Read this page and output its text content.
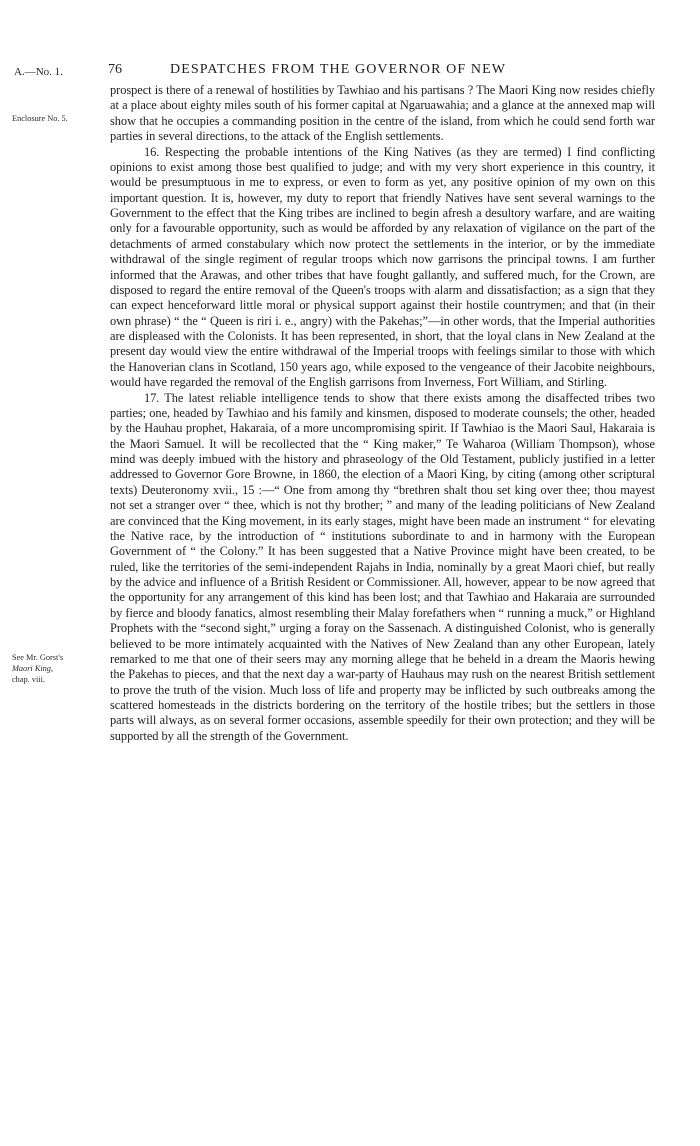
A.—No. 1.	76	DESPATCHES FROM THE GOVERNOR OF NEW
Enclosure No. 5.
See Mr. Gorst's
Maori King,
chap. viii.

prospect is there of a renewal of hostilities by Tawhiao and his partisans ? The Maori King now resides chiefly at a place about eighty miles south of his former capital at Ngaruawahia; and a glance at the annexed map will show that he occupies a commanding position in the centre of the island, from which he could send forth war parties in several directions, to the attack of the English settlements.

16. Respecting the probable intentions of the King Natives (as they are termed) I find conflicting opinions to exist among those best qualified to judge; and with my very short experience in this country, it would be presumptuous in me to express, or even to form as yet, any positive opinion of my own on this important question. It is, however, my duty to report that friendly Natives have sent several warnings to the Government to the effect that the King tribes are inclined to begin afresh a desultory warfare, and are waiting only for a favourable opportunity, such as would be afforded by any relaxation of vigilance on the part of the detachments of armed constabulary which now protect the settlements in the interior, or by the immediate withdrawal of the single regiment of regular troops which now garrisons the principal towns. I am further informed that the Arawas, and other tribes that have fought gallantly, and suffered much, for the Crown, are disposed to regard the entire removal of the Queen's troops with alarm and dissatisfaction; as a sign that they can expect henceforward little moral or physical support against their hostile countrymen; and that (in their own phrase) “ the “ Queen is riri i. e., angry) with the Pakehas;”—in other words, that the Imperial authorities are displeased with the Colonists. It has been represented, in short, that the loyal clans in New Zealand at the present day would view the entire withdrawal of the Imperial troops with feelings similar to those with which the Hanoverian clans in Scotland, 150 years ago, while exposed to the vengeance of their Jacobite neighbours, would have regarded the removal of the English garrisons from Inverness, Fort William, and Stirling.

17. The latest reliable intelligence tends to show that there exists among the disaffected tribes two parties; one, headed by Tawhiao and his family and kinsmen, disposed to moderate counsels; the other, headed by the Hauhau prophet, Hakaraia, of a more uncompromising spirit. If Tawhiao is the Maori Saul, Hakaraia is the Maori Samuel. It will be recollected that the “ King maker,” Te Waharoa (William Thompson), whose mind was deeply imbued with the history and phraseology of the Old Testament, publicly justified in a letter addressed to Governor Gore Browne, in 1860, the election of a Maori King, by citing (among other scriptural texts) Deuteronomy xvii., 15 :—“ One from among thy “brethren shalt thou set king over thee; thou mayest not set a stranger over “ thee, which is not thy brother; ” and many of the leading politicians of New Zealand are convinced that the King movement, in its early stages, might have been made an instrument “ for elevating the Native race, by the introduction of “ institutions subordinate to and in harmony with the European Government of “ the Colony.” It has been suggested that a Native Province might have been created, to be ruled, like the territories of the semi-independent Rajahs in India, nominally by a great Maori chief, but really by the advice and influence of a British Resident or Commissioner. All, however, appear to be now agreed that the opportunity for any arrangement of this kind has been lost; and that Tawhiao and Hakaraia are surrounded by fierce and bloody fanatics, almost resembling their Malay forefathers when “ running a muck,” or Highland Prophets with the “second sight,” urging a foray on the Sassenach. A distinguished Colonist, who is generally believed to be more intimately acquainted with the Natives of New Zealand than any other European, lately remarked to me that one of their seers may any morning allege that he beheld in a dream the Maoris hewing the Pakehas to pieces, and that the next day a war-party of Hauhaus may rush on the nearest British settlement to prove the truth of the vision. Much loss of life and property may be inflicted by such outbreaks among the scattered homesteads in the districts bordering on the territory of the hostile tribes; but the settlers in those parts will always, as on several former occasions, assemble speedily for their own protection; and they will be supported by all the strength of the Government.
